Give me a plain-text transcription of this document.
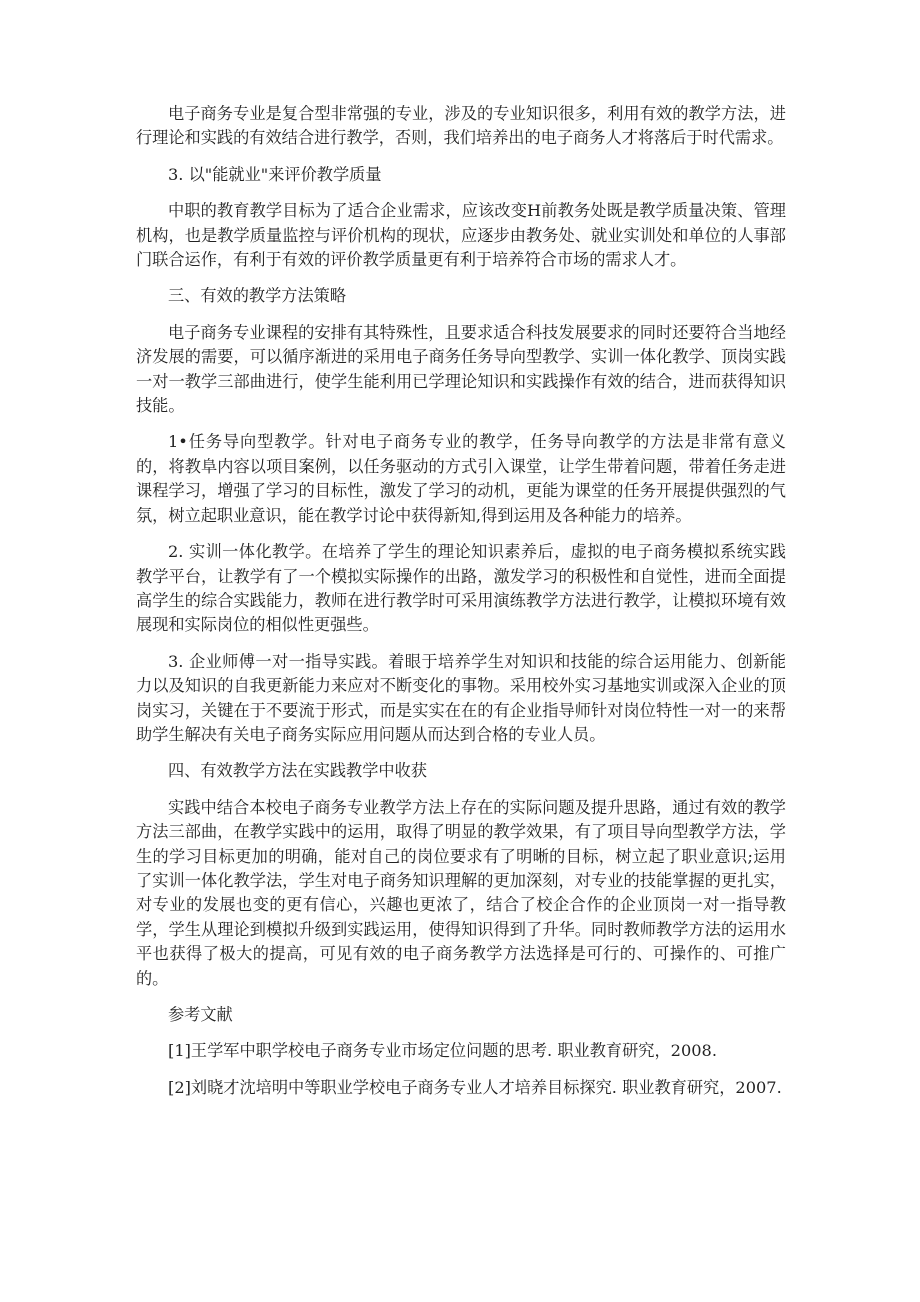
电子商务专业是复合型非常强的专业，涉及的专业知识很多，利用有效的教学方法，进行理论和实践的有效结合进行教学，否则，我们培养出的电子商务人才将落后于时代需求。

3. 以"能就业"来评价教学质量

中职的教育教学目标为了适合企业需求，应该改变H前教务处既是教学质量决策、管理机构，也是教学质量监控与评价机构的现状，应逐步由教务处、就业实训处和单位的人事部门联合运作，有利于有效的评价教学质量更有利于培养符合市场的需求人才。

三、有效的教学方法策略

电子商务专业课程的安排有其特殊性，且要求适合科技发展要求的同时还要符合当地经济发展的需要，可以循序渐进的采用电子商务任务导向型教学、实训一体化教学、顶岗实践一对一教学三部曲进行，使学生能利用已学理论知识和实践操作有效的结合，进而获得知识技能。

1•任务导向型教学。针对电子商务专业的教学，任务导向教学的方法是非常有意义的，将教阜内容以项目案例，以任务驱动的方式引入课堂，让学生带着问题，带着任务走进课程学习，增强了学习的目标性，激发了学习的动机，更能为课堂的任务开展提供强烈的气氛，树立起职业意识，能在教学讨论中获得新知,得到运用及各种能力的培养。

2. 实训一体化教学。在培养了学生的理论知识素养后，虚拟的电子商务模拟系统实践教学平台，让教学有了一个模拟实际操作的出路，激发学习的积极性和自觉性，进而全面提高学生的综合实践能力，教师在进行教学时可采用演练教学方法进行教学，让模拟环境有效展现和实际岗位的相似性更强些。

3. 企业师傅一对一指导实践。着眼于培养学生对知识和技能的综合运用能力、创新能力以及知识的自我更新能力来应对不断变化的事物。采用校外实习基地实训或深入企业的顶岗实习，关键在于不要流于形式，而是实实在在的有企业指导师针对岗位特性一对一的来帮助学生解决有关电子商务实际应用问题从而达到合格的专业人员。

四、有效教学方法在实践教学中收获

实践中结合本校电子商务专业教学方法上存在的实际问题及提升思路，通过有效的教学方法三部曲，在教学实践中的运用，取得了明显的教学效果，有了项目导向型教学方法，学生的学习目标更加的明确，能对自己的岗位要求有了明晰的目标，树立起了职业意识;运用了实训一体化教学法，学生对电子商务知识理解的更加深刻，对专业的技能掌握的更扎实，对专业的发展也变的更有信心，兴趣也更浓了，结合了校企合作的企业顶岗一对一指导教学，学生从理论到模拟升级到实践运用，使得知识得到了升华。同时教师教学方法的运用水平也获得了极大的提高，可见有效的电子商务教学方法选择是可行的、可操作的、可推广的。

参考文献

[1]王学军中职学校电子商务专业市场定位问题的思考. 职业教育研究，2008.

[2]刘晓才沈培明中等职业学校电子商务专业人才培养目标探究. 职业教育研究，2007.
